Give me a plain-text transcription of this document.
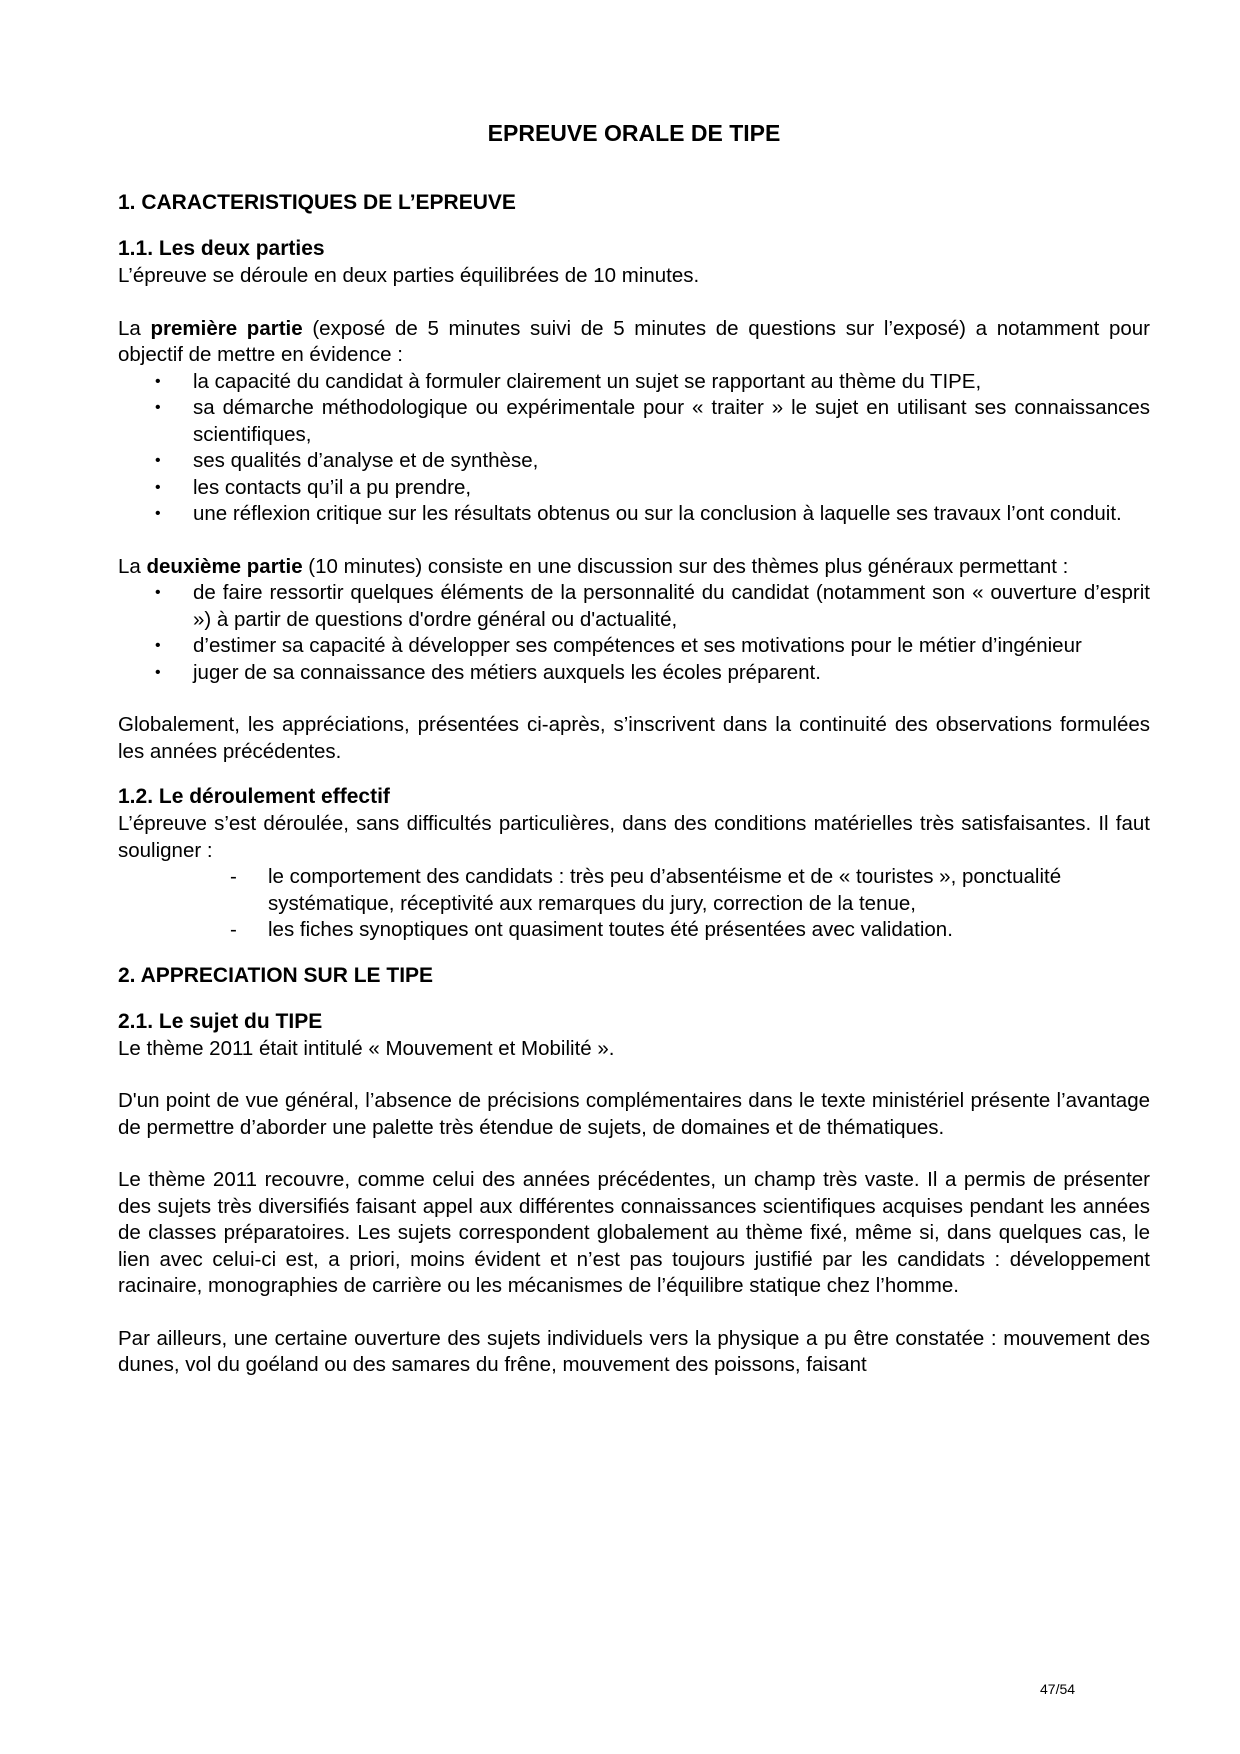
EPREUVE ORALE DE TIPE
1. CARACTERISTIQUES DE L’EPREUVE
1.1. Les deux parties

L’épreuve se déroule en deux parties équilibrées de 10 minutes.

La première partie (exposé de 5 minutes suivi de 5 minutes de questions sur l’exposé) a notamment pour objectif de mettre en évidence :

• la capacité du candidat à formuler clairement un sujet se rapportant au thème du TIPE,
• sa démarche méthodologique ou expérimentale pour « traiter » le sujet en utilisant ses connaissances scientifiques,
• ses qualités d’analyse et de synthèse,
• les contacts qu’il a pu prendre,
• une réflexion critique sur les résultats obtenus ou sur la conclusion à laquelle ses travaux l’ont conduit.

La deuxième partie (10 minutes) consiste en une discussion sur des thèmes plus généraux permettant :

• de faire ressortir quelques éléments de la personnalité du candidat (notamment son « ouverture d’esprit ») à partir de questions d'ordre général ou d'actualité,
• d’estimer sa capacité à développer ses compétences et ses motivations pour le métier d’ingénieur
• juger de sa connaissance des métiers auxquels les écoles préparent.

Globalement, les appréciations, présentées ci-après, s’inscrivent dans la continuité des observations formulées les années précédentes.

1.2. Le déroulement effectif

L’épreuve s’est déroulée, sans difficultés particulières, dans des conditions matérielles très satisfaisantes. Il faut souligner :

- le comportement des candidats : très peu d’absentéisme et de « touristes », ponctualité systématique, réceptivité aux remarques du jury, correction de la tenue,
- les fiches synoptiques ont quasiment toutes été présentées avec validation.
2. APPRECIATION SUR LE TIPE
2.1. Le sujet du TIPE

Le thème 2011 était intitulé « Mouvement et Mobilité ».

D'un point de vue général, l’absence de précisions complémentaires dans le texte ministériel présente l’avantage de permettre d’aborder une palette très étendue de sujets, de domaines et de thématiques.

Le thème 2011 recouvre, comme celui des années précédentes, un champ très vaste. Il a permis de présenter des sujets très diversifiés faisant appel aux différentes connaissances scientifiques acquises pendant les années de classes préparatoires. Les sujets correspondent globalement au thème fixé, même si, dans quelques cas, le lien avec celui-ci est, a priori, moins évident et n’est pas toujours justifié par les candidats : développement racinaire, monographies de carrière ou les mécanismes de l’équilibre statique chez l’homme.

Par ailleurs, une certaine ouverture des sujets individuels vers la physique a pu être constatée : mouvement des dunes, vol du goéland ou des samares du frêne, mouvement des poissons, faisant

47/54
